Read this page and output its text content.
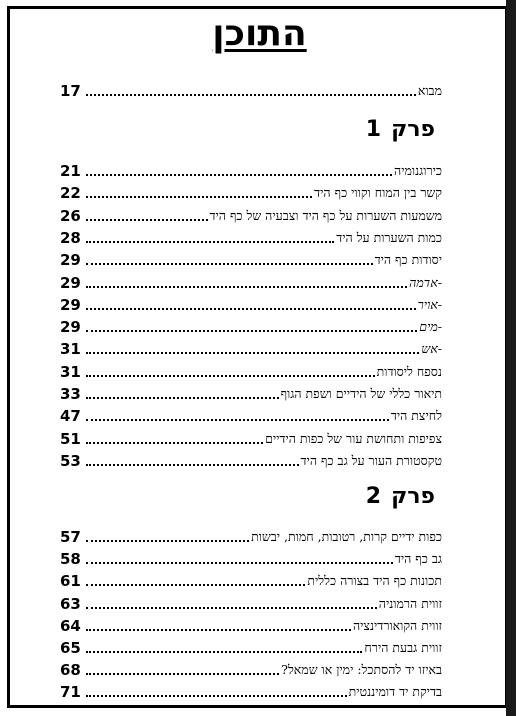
התוכן
מבוא
17
פרק1
כירוגנומיה
21
קשר בין המוח וקווי כף היד
22
משמעות השערות על כף היד וצבעיה של כף היד
26
כמות השערות על היד
28
יסודות כף היד
29
-אדמה
29
-אויר
29
-מים
29
-אש
31
נספח ליסודות
31
תיאור כללי של הידיים ושפת הגוף
33
לחיצת היד
47
צפיפות ותחושת עור של כפות הידיים
51
טקסטורת העור על גב כף היד
53
פרק2
כפות ידיים קרות, רטובות, חמות, יבשות
57
גב כף היד
58
תכונות כף היד בצורה כללית
61
זווית הרמוניה
63
זווית הקואורדינציה
64
זווית גבעת הירח
65
באיזו יד להסתכל: ימין או שמאל?
68
בדיקת יד דומיננטית
71
